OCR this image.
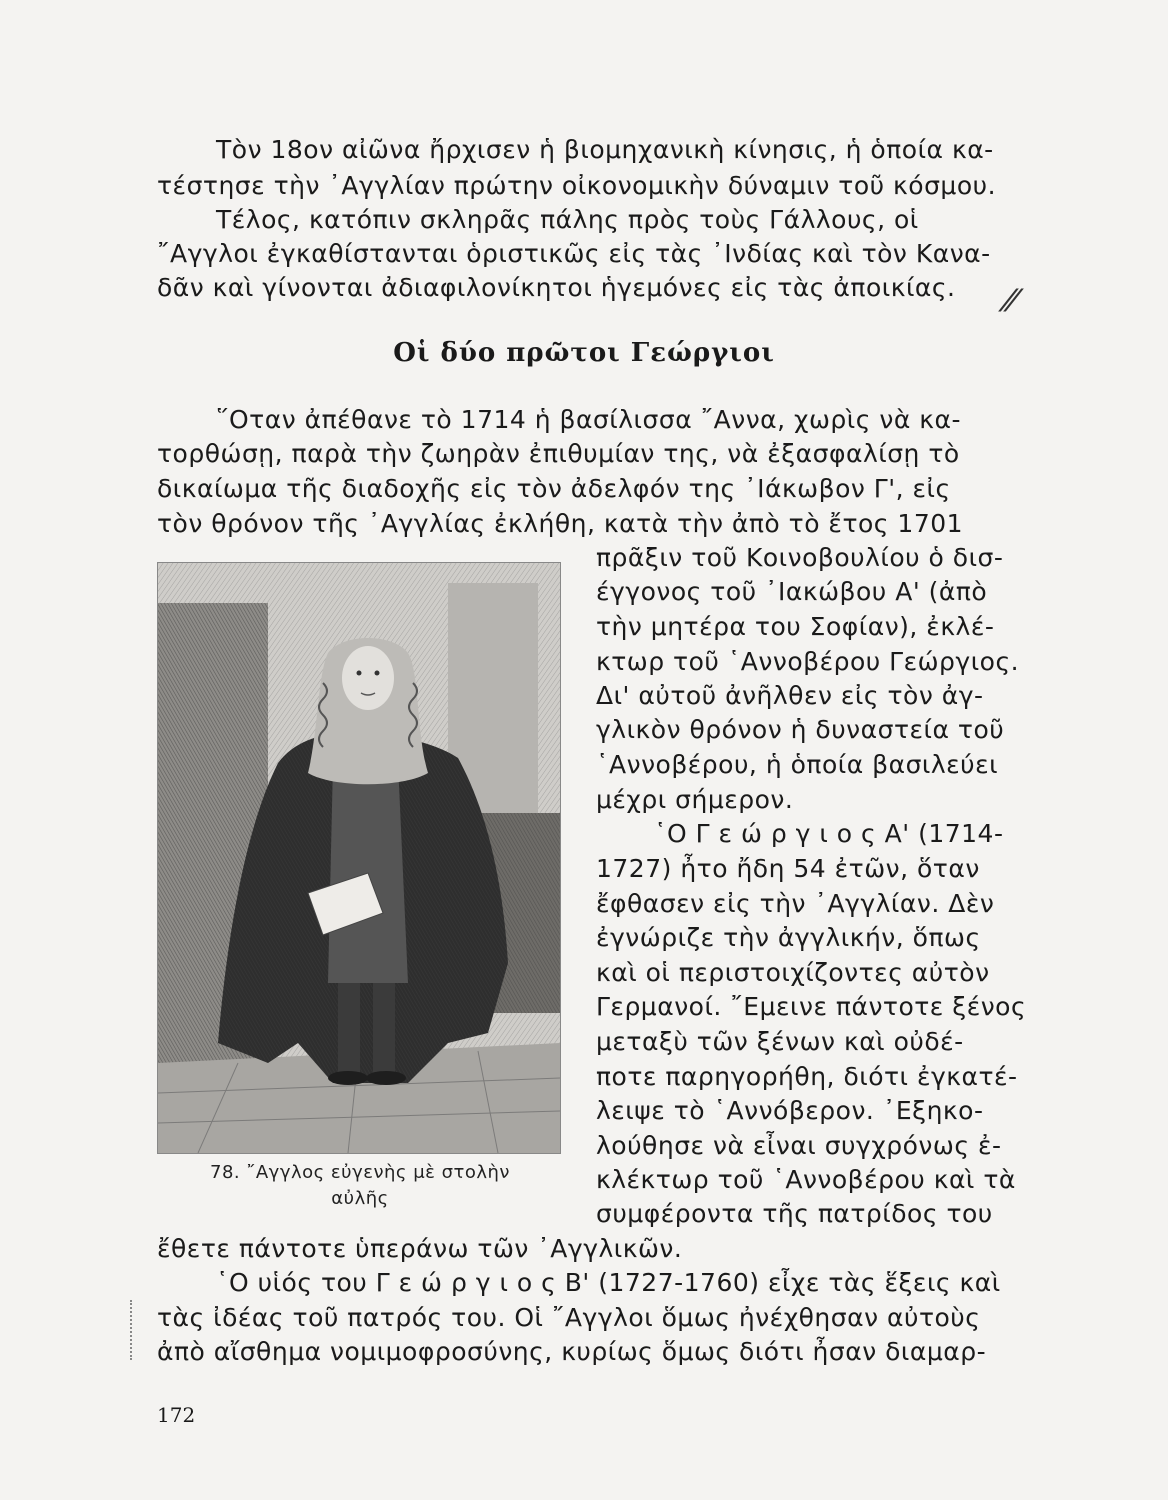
Τὸν 18ον αἰῶνα ἤρχισεν ἡ βιομηχανικὴ κίνησις, ἡ ὁποία κα-
τέστησε τὴν ᾿Αγγλίαν πρώτην οἰκονομικὴν δύναμιν τοῦ κόσμου.
Τέλος, κατόπιν σκληρᾶς πάλης πρὸς τοὺς Γάλλους, οἱ
῎Αγγλοι ἐγκαθίστανται ὁριστικῶς εἰς τὰς ᾿Ινδίας καὶ τὸν Κανα-
δᾶν καὶ γίνονται ἀδιαφιλονίκητοι ἡγεμόνες εἰς τὰς ἀποικίας. ⁄⁄
Οἱ δύο πρῶτοι Γεώργιοι
῞Οταν ἀπέθανε τὸ 1714 ἡ βασίλισσα ῎Αννα, χωρὶς νὰ κα-
τορθώσῃ, παρὰ τὴν ζωηρὰν ἐπιθυμίαν της, νὰ ἐξασφαλίσῃ τὸ
δικαίωμα τῆς διαδοχῆς εἰς τὸν ἀδελφόν της ᾿Ιάκωβον Γ', εἰς
τὸν θρόνον τῆς ᾿Αγγλίας ἐκλήθη, κατὰ τὴν ἀπὸ τὸ ἔτος 1701
πρᾶξιν τοῦ Κοινοβουλίου ὁ δισ-
έγγονος τοῦ ᾿Ιακώβου Α' (ἀπὸ
τὴν μητέρα του Σοφίαν), ἐκλέ-
κτωρ τοῦ ῾Αννοβέρου Γεώργιος.
Δι' αὐτοῦ ἀνῆλθεν εἰς τὸν ἀγ-
γλικὸν θρόνον ἡ δυναστεία τοῦ
῾Αννοβέρου, ἡ ὁποία βασιλεύει
μέχρι σήμερον.
῾Ο Γ ε ώ ρ γ ι ο ς Α' (1714-
1727) ἦτο ἤδη 54 ἐτῶν, ὅταν
ἔφθασεν εἰς τὴν ᾿Αγγλίαν. Δὲν
ἐγνώριζε τὴν ἀγγλικήν, ὅπως
καὶ οἱ περιστοιχίζοντες αὐτὸν
Γερμανοί. ῎Εμεινε πάντοτε ξένος
μεταξὺ τῶν ξένων καὶ οὐδέ-
ποτε παρηγορήθη, διότι ἐγκατέ-
λειψε τὸ ῾Αννόβερον. ᾿Εξηκο-
λούθησε νὰ εἶναι συγχρόνως ἐ-
κλέκτωρ τοῦ ῾Αννοβέρου καὶ τὰ
συμφέροντα τῆς πατρίδος του
ἔθετε πάντοτε ὑπεράνω τῶν ᾿Αγγλικῶν.
῾Ο υἱός του Γ ε ώ ρ γ ι ο ς Β' (1727-1760) εἶχε τὰς ἕξεις καὶ
τὰς ἰδέας τοῦ πατρός του. Οἱ ῎Αγγλοι ὅμως ἠνέχθησαν αὐτοὺς
ἀπὸ αἴσθημα νομιμοφροσύνης, κυρίως ὅμως διότι ἦσαν διαμαρ-
78. ῎Αγγλος εὐγενὴς μὲ στολὴν
αὐλῆς
172
